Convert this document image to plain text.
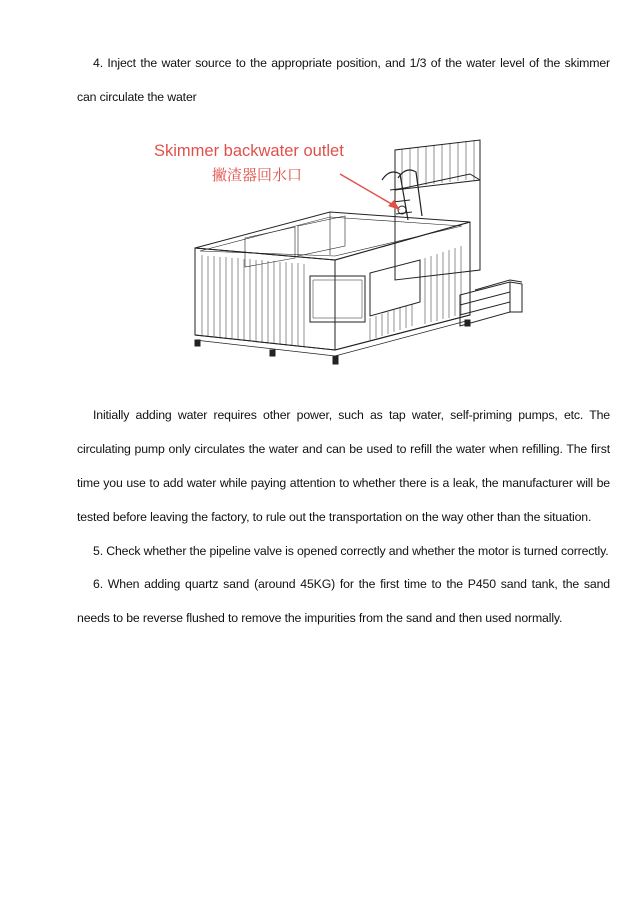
4. Inject the water source to the appropriate position, and 1/3 of the water level of the skimmer can circulate the water

Skimmer backwater outlet
撇渣器回水口

Initially adding water requires other power, such as tap water, self-priming pumps, etc. The circulating pump only circulates the water and can be used to refill the water when refilling. The first time you use to add water while paying attention to whether there is a leak, the manufacturer will be tested before leaving the factory, to rule out the transportation on the way other than the situation.

5. Check whether the pipeline valve is opened correctly and whether the motor is turned correctly.

6. When adding quartz sand (around 45KG) for the first time to the P450 sand tank, the sand needs to be reverse flushed to remove the impurities from the sand and then used normally.
